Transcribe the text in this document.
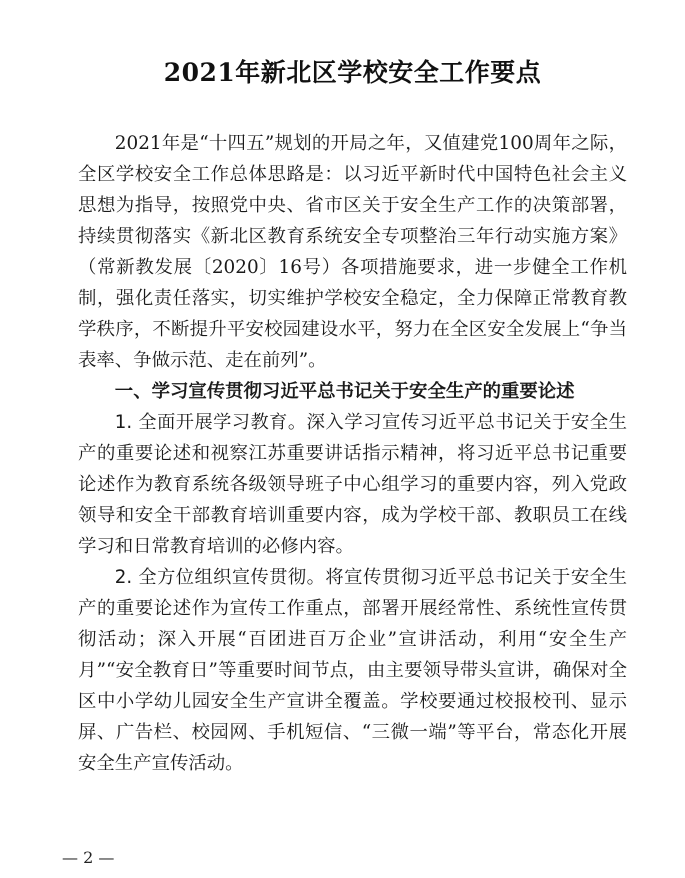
2021年新北区学校安全工作要点

2021年是“十四五”规划的开局之年，又值建党100周年之际，全区学校安全工作总体思路是：以习近平新时代中国特色社会主义思想为指导，按照党中央、省市区关于安全生产工作的决策部署，持续贯彻落实《新北区教育系统安全专项整治三年行动实施方案》（常新教发展〔2020〕16号）各项措施要求，进一步健全工作机制，强化责任落实，切实维护学校安全稳定，全力保障正常教育教学秩序，不断提升平安校园建设水平，努力在全区安全发展上“争当表率、争做示范、走在前列”。

一、学习宣传贯彻习近平总书记关于安全生产的重要论述

1. 全面开展学习教育。深入学习宣传习近平总书记关于安全生产的重要论述和视察江苏重要讲话指示精神，将习近平总书记重要论述作为教育系统各级领导班子中心组学习的重要内容，列入党政领导和安全干部教育培训重要内容，成为学校干部、教职员工在线学习和日常教育培训的必修内容。

2. 全方位组织宣传贯彻。将宣传贯彻习近平总书记关于安全生产的重要论述作为宣传工作重点，部署开展经常性、系统性宣传贯彻活动；深入开展“百团进百万企业”宣讲活动，利用“安全生产月”“安全教育日”等重要时间节点，由主要领导带头宣讲，确保对全区中小学幼儿园安全生产宣讲全覆盖。学校要通过校报校刊、显示屏、广告栏、校园网、手机短信、“三微一端”等平台，常态化开展安全生产宣传活动。

— 2 —
